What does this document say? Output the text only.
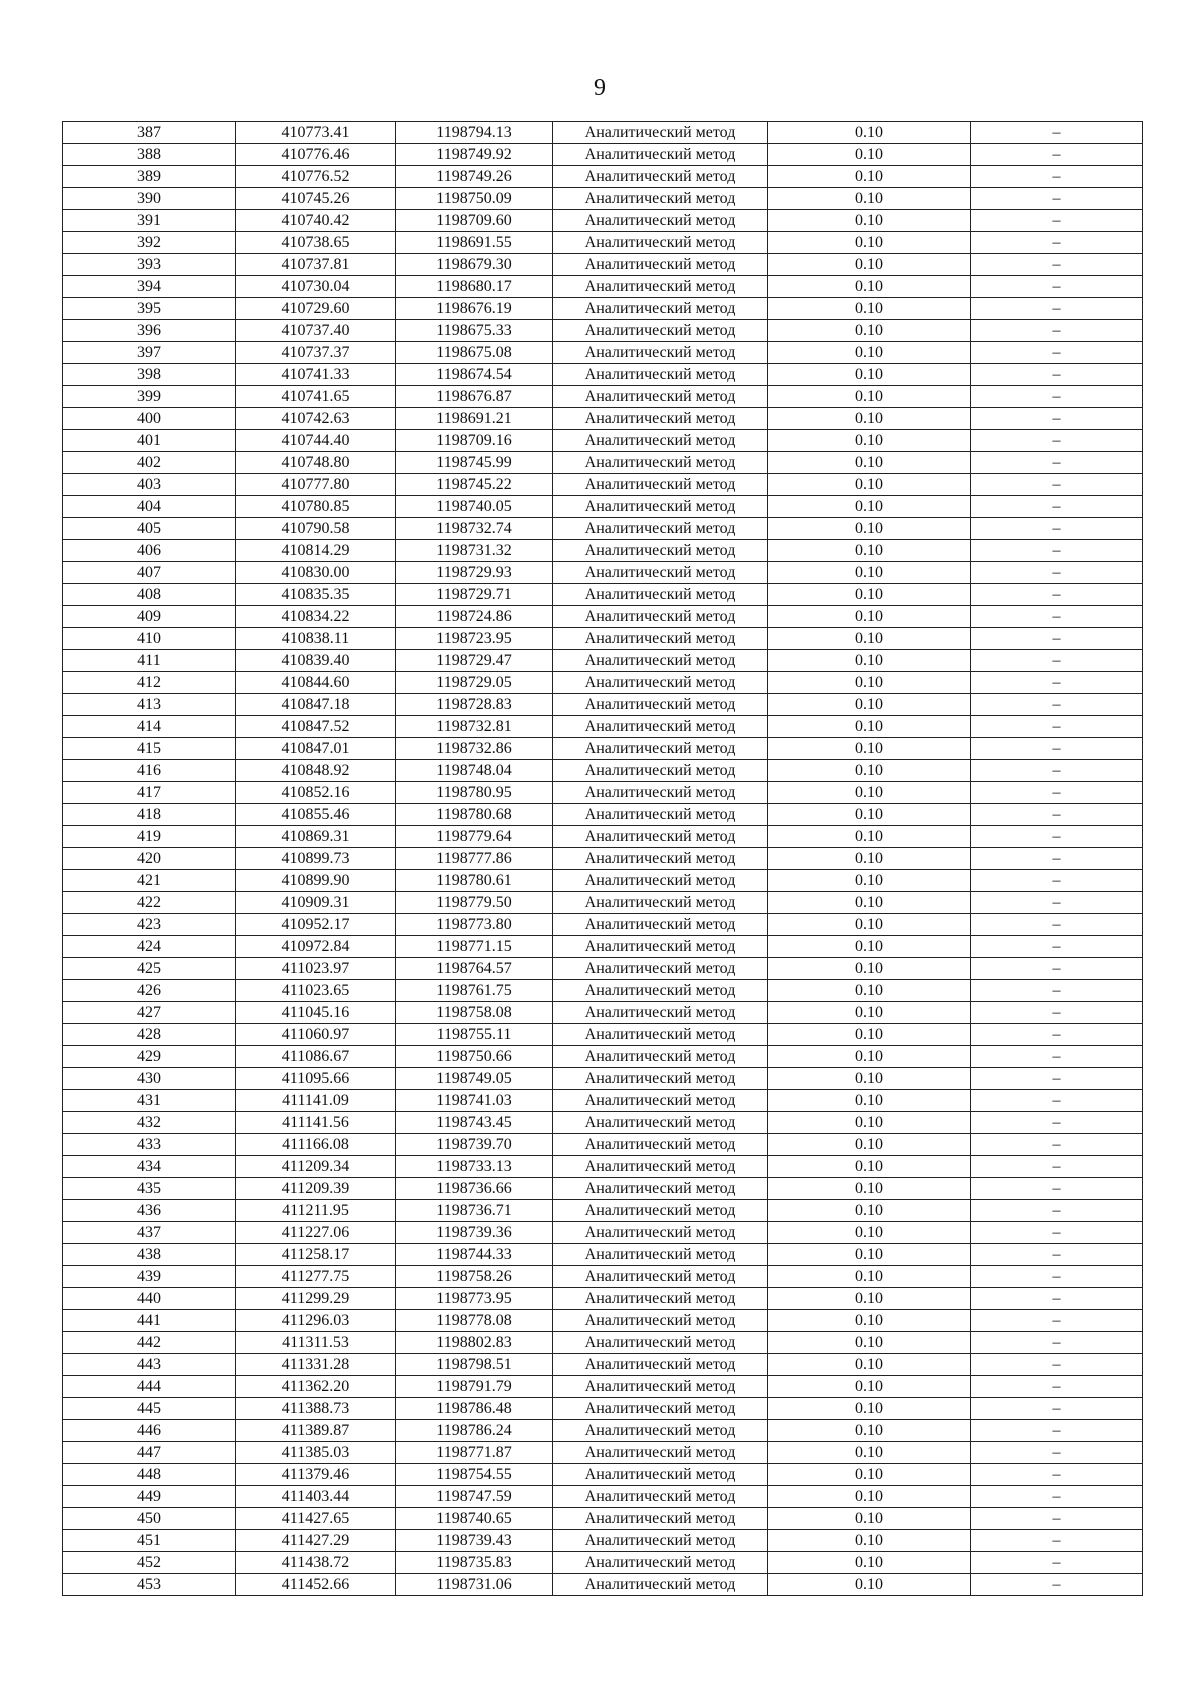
9
387	410773.41	1198794.13	Аналитический метод	0.10	–
388	410776.46	1198749.92	Аналитический метод	0.10	–
389	410776.52	1198749.26	Аналитический метод	0.10	–
390	410745.26	1198750.09	Аналитический метод	0.10	–
391	410740.42	1198709.60	Аналитический метод	0.10	–
392	410738.65	1198691.55	Аналитический метод	0.10	–
393	410737.81	1198679.30	Аналитический метод	0.10	–
394	410730.04	1198680.17	Аналитический метод	0.10	–
395	410729.60	1198676.19	Аналитический метод	0.10	–
396	410737.40	1198675.33	Аналитический метод	0.10	–
397	410737.37	1198675.08	Аналитический метод	0.10	–
398	410741.33	1198674.54	Аналитический метод	0.10	–
399	410741.65	1198676.87	Аналитический метод	0.10	–
400	410742.63	1198691.21	Аналитический метод	0.10	–
401	410744.40	1198709.16	Аналитический метод	0.10	–
402	410748.80	1198745.99	Аналитический метод	0.10	–
403	410777.80	1198745.22	Аналитический метод	0.10	–
404	410780.85	1198740.05	Аналитический метод	0.10	–
405	410790.58	1198732.74	Аналитический метод	0.10	–
406	410814.29	1198731.32	Аналитический метод	0.10	–
407	410830.00	1198729.93	Аналитический метод	0.10	–
408	410835.35	1198729.71	Аналитический метод	0.10	–
409	410834.22	1198724.86	Аналитический метод	0.10	–
410	410838.11	1198723.95	Аналитический метод	0.10	–
411	410839.40	1198729.47	Аналитический метод	0.10	–
412	410844.60	1198729.05	Аналитический метод	0.10	–
413	410847.18	1198728.83	Аналитический метод	0.10	–
414	410847.52	1198732.81	Аналитический метод	0.10	–
415	410847.01	1198732.86	Аналитический метод	0.10	–
416	410848.92	1198748.04	Аналитический метод	0.10	–
417	410852.16	1198780.95	Аналитический метод	0.10	–
418	410855.46	1198780.68	Аналитический метод	0.10	–
419	410869.31	1198779.64	Аналитический метод	0.10	–
420	410899.73	1198777.86	Аналитический метод	0.10	–
421	410899.90	1198780.61	Аналитический метод	0.10	–
422	410909.31	1198779.50	Аналитический метод	0.10	–
423	410952.17	1198773.80	Аналитический метод	0.10	–
424	410972.84	1198771.15	Аналитический метод	0.10	–
425	411023.97	1198764.57	Аналитический метод	0.10	–
426	411023.65	1198761.75	Аналитический метод	0.10	–
427	411045.16	1198758.08	Аналитический метод	0.10	–
428	411060.97	1198755.11	Аналитический метод	0.10	–
429	411086.67	1198750.66	Аналитический метод	0.10	–
430	411095.66	1198749.05	Аналитический метод	0.10	–
431	411141.09	1198741.03	Аналитический метод	0.10	–
432	411141.56	1198743.45	Аналитический метод	0.10	–
433	411166.08	1198739.70	Аналитический метод	0.10	–
434	411209.34	1198733.13	Аналитический метод	0.10	–
435	411209.39	1198736.66	Аналитический метод	0.10	–
436	411211.95	1198736.71	Аналитический метод	0.10	–
437	411227.06	1198739.36	Аналитический метод	0.10	–
438	411258.17	1198744.33	Аналитический метод	0.10	–
439	411277.75	1198758.26	Аналитический метод	0.10	–
440	411299.29	1198773.95	Аналитический метод	0.10	–
441	411296.03	1198778.08	Аналитический метод	0.10	–
442	411311.53	1198802.83	Аналитический метод	0.10	–
443	411331.28	1198798.51	Аналитический метод	0.10	–
444	411362.20	1198791.79	Аналитический метод	0.10	–
445	411388.73	1198786.48	Аналитический метод	0.10	–
446	411389.87	1198786.24	Аналитический метод	0.10	–
447	411385.03	1198771.87	Аналитический метод	0.10	–
448	411379.46	1198754.55	Аналитический метод	0.10	–
449	411403.44	1198747.59	Аналитический метод	0.10	–
450	411427.65	1198740.65	Аналитический метод	0.10	–
451	411427.29	1198739.43	Аналитический метод	0.10	–
452	411438.72	1198735.83	Аналитический метод	0.10	–
453	411452.66	1198731.06	Аналитический метод	0.10	–
